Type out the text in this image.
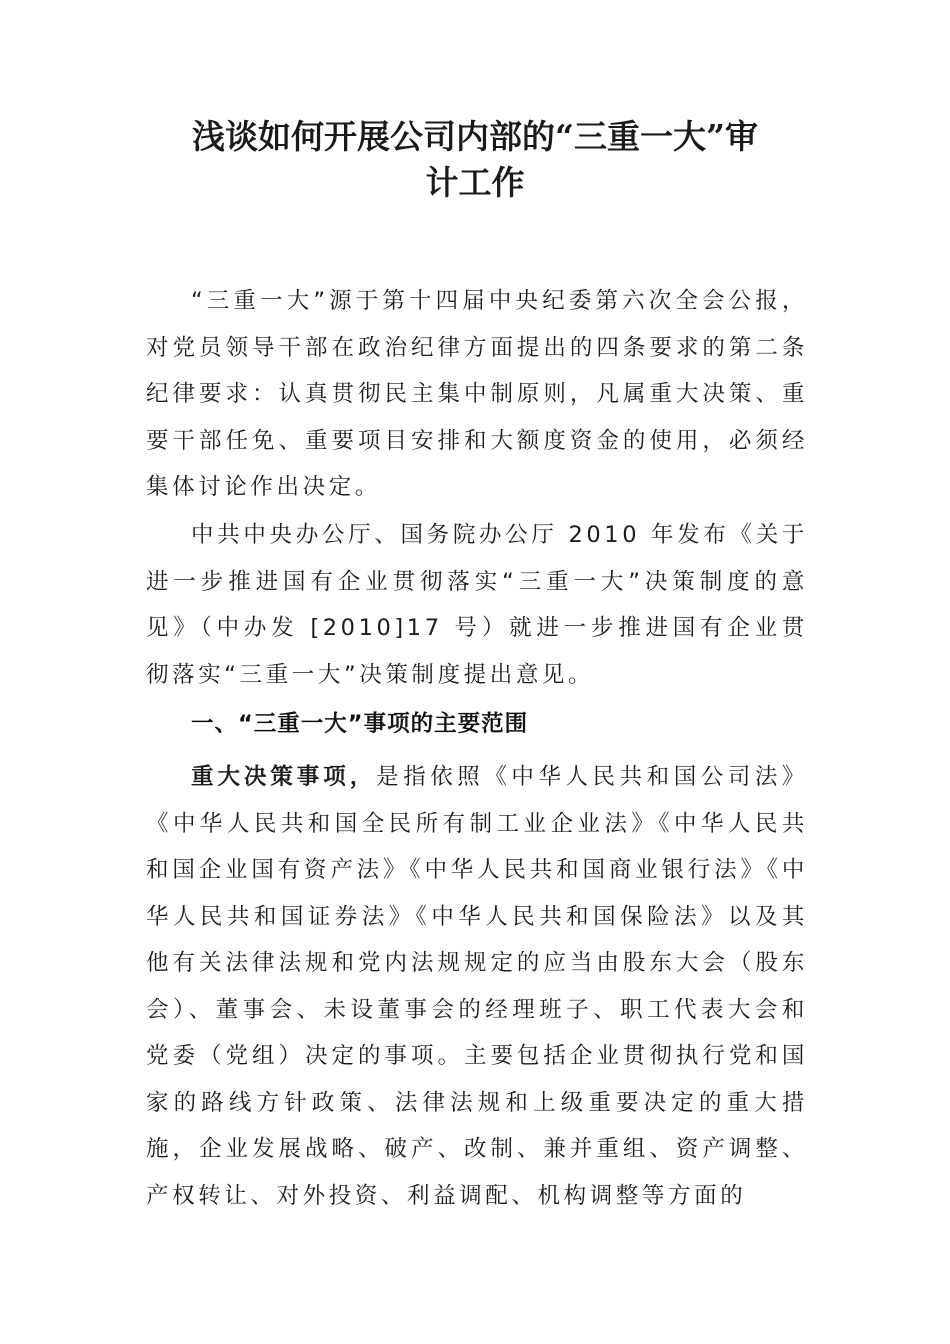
浅谈如何开展公司内部的“三重一大”审
计工作

“三重一大”源于第十四届中央纪委第六次全会公报，对党员领导干部在政治纪律方面提出的四条要求的第二条纪律要求：认真贯彻民主集中制原则，凡属重大决策、重要干部任免、重要项目安排和大额度资金的使用，必须经集体讨论作出决定。

中共中央办公厅、国务院办公厅 2010 年发布《关于进一步推进国有企业贯彻落实“三重一大”决策制度的意见》（中办发 [2010]17 号）就进一步推进国有企业贯彻落实“三重一大”决策制度提出意见。

一、“三重一大”事项的主要范围

重大决策事项，是指依照《中华人民共和国公司法》《中华人民共和国全民所有制工业企业法》《中华人民共和国企业国有资产法》《中华人民共和国商业银行法》《中华人民共和国证券法》《中华人民共和国保险法》以及其他有关法律法规和党内法规规定的应当由股东大会（股东会）、董事会、未设董事会的经理班子、职工代表大会和党委（党组）决定的事项。主要包括企业贯彻执行党和国家的路线方针政策、法律法规和上级重要决定的重大措施，企业发展战略、破产、改制、兼并重组、资产调整、产权转让、对外投资、利益调配、机构调整等方面的
